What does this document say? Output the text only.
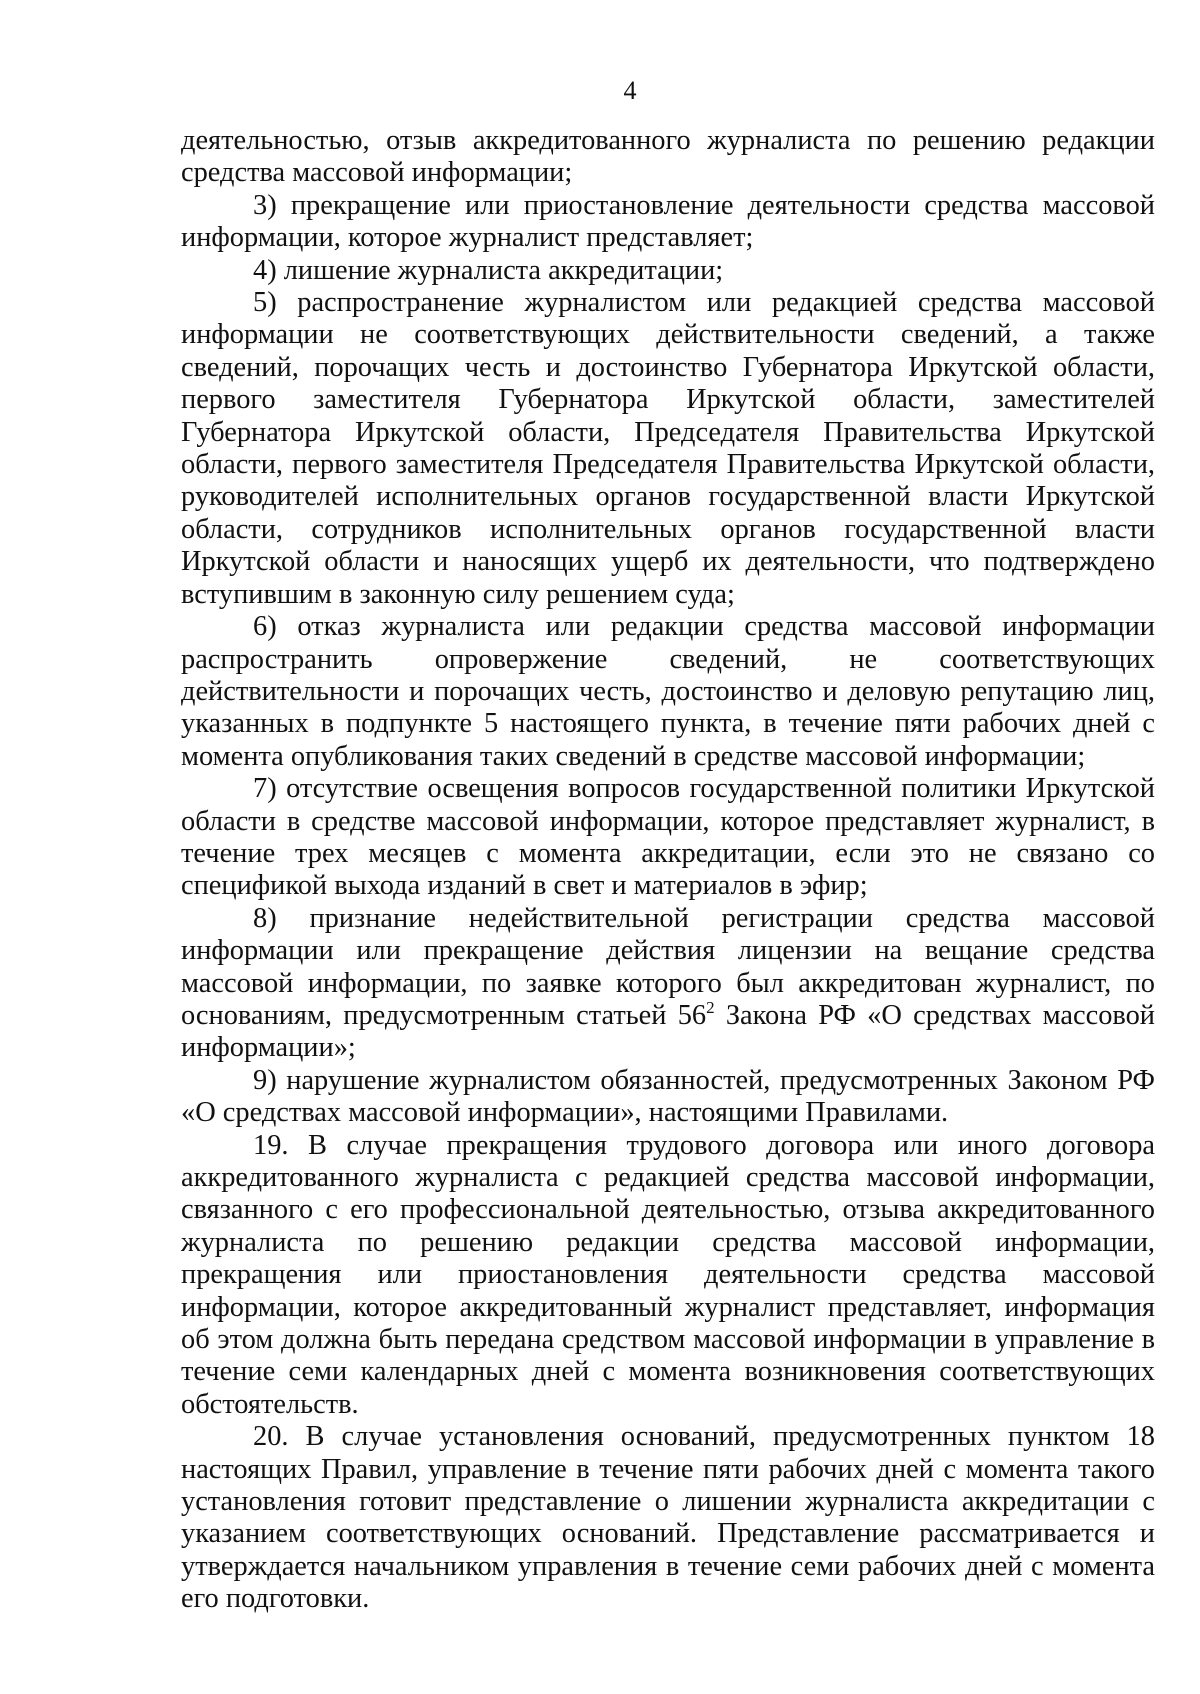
4

деятельностью, отзыв аккредитованного журналиста по решению редакции средства массовой информации;

3) прекращение или приостановление деятельности средства массовой информации, которое журналист представляет;

4) лишение журналиста аккредитации;

5) распространение журналистом или редакцией средства массовой информации не соответствующих действительности сведений, а также сведений, порочащих честь и достоинство Губернатора Иркутской области, первого заместителя Губернатора Иркутской области, заместителей Губернатора Иркутской области, Председателя Правительства Иркутской области, первого заместителя Председателя Правительства Иркутской области, руководителей исполнительных органов государственной власти Иркутской области, сотрудников исполнительных органов государственной власти Иркутской области и наносящих ущерб их деятельности, что подтверждено вступившим в законную силу решением суда;

6) отказ журналиста или редакции средства массовой информации распространить опровержение сведений, не соответствующих действительности и порочащих честь, достоинство и деловую репутацию лиц, указанных в подпункте 5 настоящего пункта, в течение пяти рабочих дней с момента опубликования таких сведений в средстве массовой информации;

7) отсутствие освещения вопросов государственной политики Иркутской области в средстве массовой информации, которое представляет журналист, в течение трех месяцев с момента аккредитации, если это не связано со спецификой выхода изданий в свет и материалов в эфир;

8) признание недействительной регистрации средства массовой информации или прекращение действия лицензии на вещание средства массовой информации, по заявке которого был аккредитован журналист, по основаниям, предусмотренным статьей $56^2$ Закона РФ «О средствах массовой информации»;

9) нарушение журналистом обязанностей, предусмотренных Законом РФ «О средствах массовой информации», настоящими Правилами.

19. В случае прекращения трудового договора или иного договора аккредитованного журналиста с редакцией средства массовой информации, связанного с его профессиональной деятельностью, отзыва аккредитованного журналиста по решению редакции средства массовой информации, прекращения или приостановления деятельности средства массовой информации, которое аккредитованный журналист представляет, информация об этом должна быть передана средством массовой информации в управление в течение семи календарных дней с момента возникновения соответствующих обстоятельств.

20. В случае установления оснований, предусмотренных пунктом 18 настоящих Правил, управление в течение пяти рабочих дней с момента такого установления готовит представление о лишении журналиста аккредитации с указанием соответствующих оснований. Представление рассматривается и утверждается начальником управления в течение семи рабочих дней с момента его подготовки.
